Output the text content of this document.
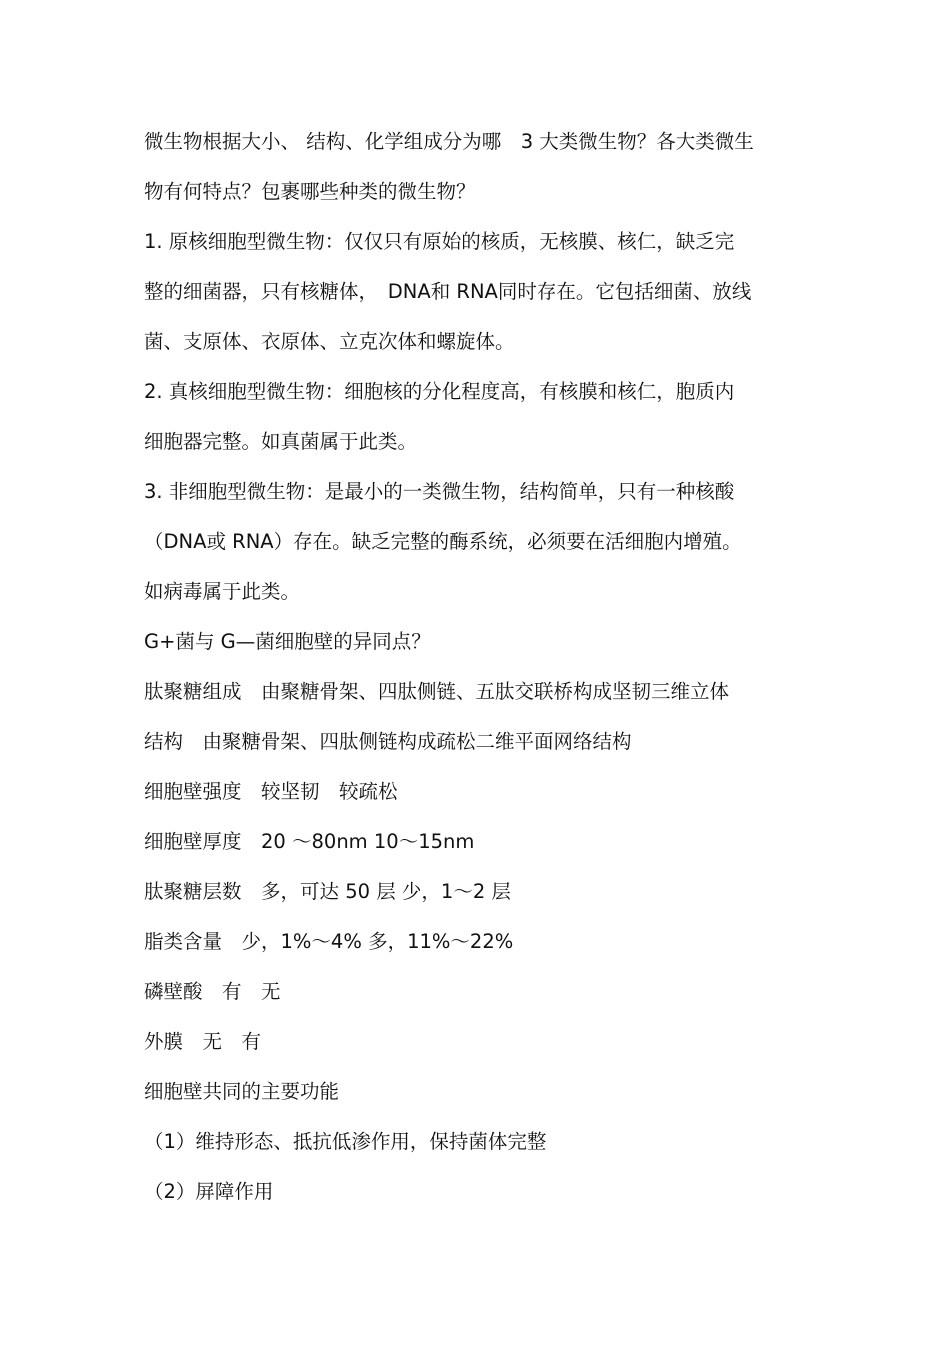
微生物根据大小、 结构、化学组成分为哪　3 大类微生物？各大类微生
物有何特点？包裹哪些种类的微生物？
1. 原核细胞型微生物：仅仅只有原始的核质，无核膜、核仁，缺乏完
整的细菌器，只有核糖体，　DNA和 RNA同时存在。它包括细菌、放线
菌、支原体、衣原体、立克次体和螺旋体。
2. 真核细胞型微生物：细胞核的分化程度高，有核膜和核仁，胞质内
细胞器完整。如真菌属于此类。
3. 非细胞型微生物：是最小的一类微生物，结构简单，只有一种核酸
（DNA或 RNA）存在。缺乏完整的酶系统，必须要在活细胞内增殖。
如病毒属于此类。
G+菌与 G—菌细胞壁的异同点？
肽聚糖组成　由聚糖骨架、四肽侧链、五肽交联桥构成坚韧三维立体
结构　由聚糖骨架、四肽侧链构成疏松二维平面网络结构
细胞壁强度　较坚韧　较疏松
细胞壁厚度　20 ～80nm 10～15nm
肽聚糖层数　多，可达 50 层 少，1～2 层
脂类含量　少，1%～4% 多，11%～22%
磷壁酸　有　无
外膜　无　有
细胞壁共同的主要功能
（1）维持形态、抵抗低渗作用，保持菌体完整
（2）屏障作用
